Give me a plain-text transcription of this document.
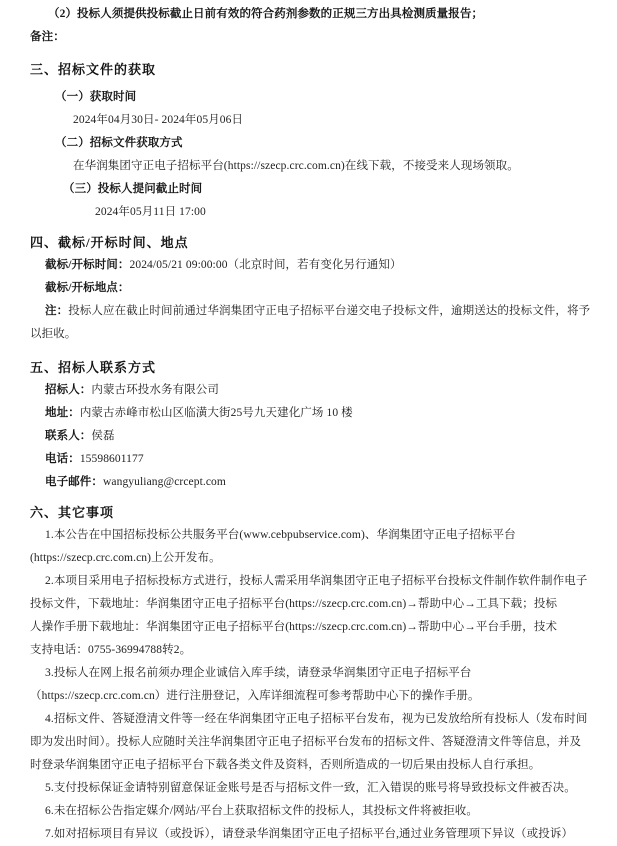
（2）投标人须提供投标截止日前有效的符合药剂参数的正规三方出具检测质量报告；
备注：
三、招标文件的获取
（一）获取时间
2024年04月30日- 2024年05月06日
（二）招标文件获取方式
在华润集团守正电子招标平台(https://szecp.crc.com.cn)在线下载，不接受来人现场领取。
（三）投标人提问截止时间
2024年05月11日 17:00
四、截标/开标时间、地点
截标/开标时间：2024/05/21 09:00:00（北京时间，若有变化另行通知）
截标/开标地点：
注：投标人应在截止时间前通过华润集团守正电子招标平台递交电子投标文件，逾期送达的投标文件，将予
以拒收。
五、招标人联系方式
招标人：内蒙古环投水务有限公司
地址：内蒙古赤峰市松山区临潢大街25号九天建化广场 10 楼
联系人：侯磊
电话：15598601177
电子邮件：wangyuliang@crcept.com
六、其它事项
1.本公告在中国招标投标公共服务平台(www.cebpubservice.com)、华润集团守正电子招标平台
(https://szecp.crc.com.cn)上公开发布。
2.本项目采用电子招标投标方式进行，投标人需采用华润集团守正电子招标平台投标文件制作软件制作电子
投标文件，下载地址：华润集团守正电子招标平台(https://szecp.crc.com.cn)→帮助中心→工具下载；投标
人操作手册下载地址：华润集团守正电子招标平台(https://szecp.crc.com.cn)→帮助中心→平台手册，技术
支持电话：0755-36994788转2。
3.投标人在网上报名前须办理企业诚信入库手续，请登录华润集团守正电子招标平台
（https://szecp.crc.com.cn）进行注册登记，入库详细流程可参考帮助中心下的操作手册。
4.招标文件、答疑澄清文件等一经在华润集团守正电子招标平台发布，视为已发放给所有投标人（发布时间
即为发出时间）。投标人应随时关注华润集团守正电子招标平台发布的招标文件、答疑澄清文件等信息，并及
时登录华润集团守正电子招标平台下载各类文件及资料，否则所造成的一切后果由投标人自行承担。
5.支付投标保证金请特别留意保证金账号是否与招标文件一致，汇入错误的账号将导致投标文件被否决。
6.未在招标公告指定媒介/网站/平台上获取招标文件的投标人，其投标文件将被拒收。
7.如对招标项目有异议（或投诉），请登录华润集团守正电子招标平台,通过业务管理项下异议（或投诉）
